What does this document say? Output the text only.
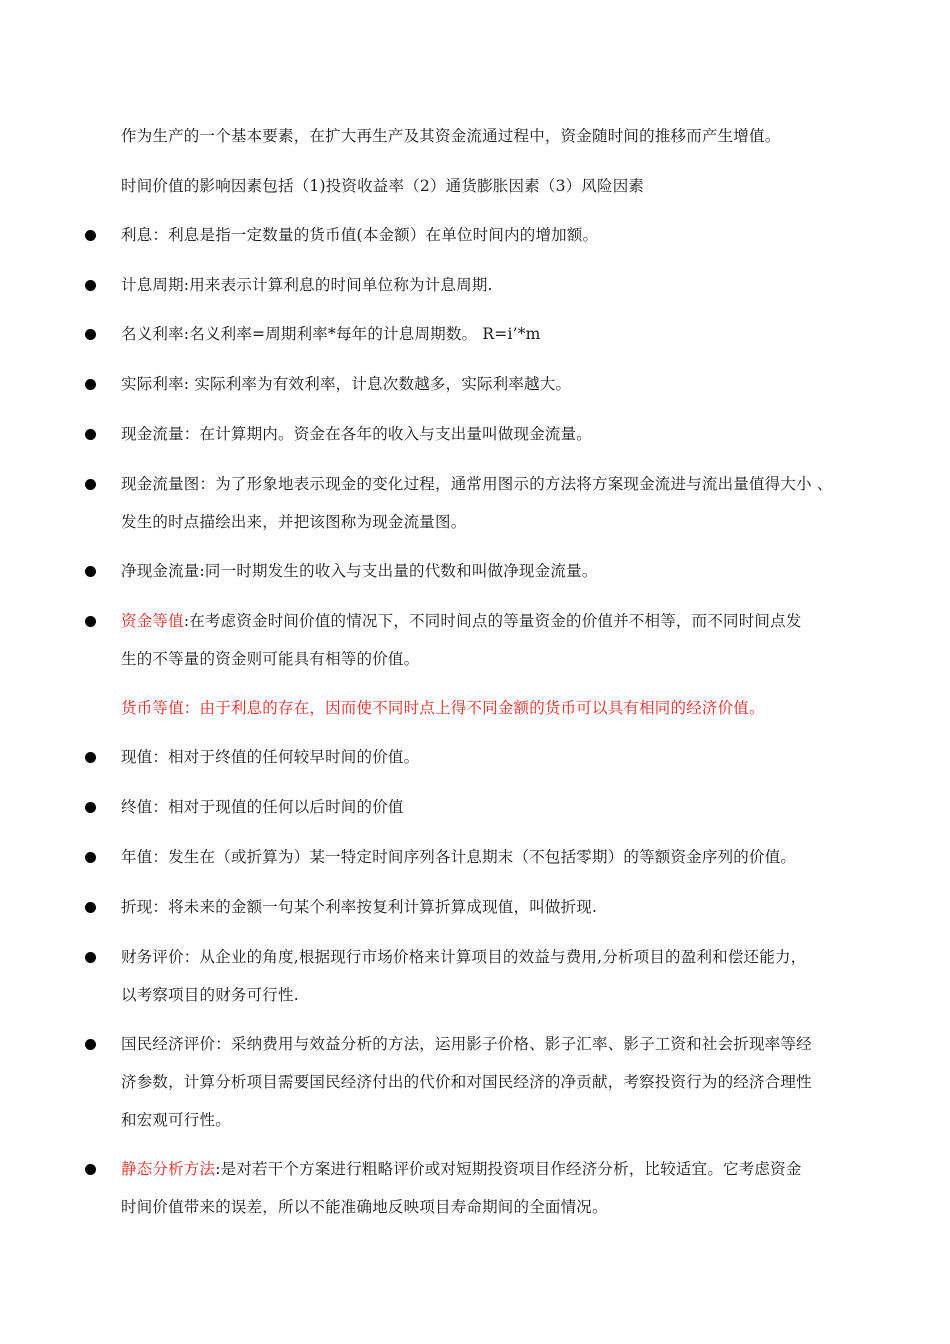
作为生产的一个基本要素，在扩大再生产及其资金流通过程中，资金随时间的推移而产生增值。
时间价值的影响因素包括（1)投资收益率（2）通货膨胀因素（3）风险因素
利息：利息是指一定数量的货币值(本金额）在单位时间内的增加额。
计息周期:用来表示计算利息的时间单位称为计息周期.
名义利率:名义利率=周期利率*每年的计息周期数。 R=i’*m
实际利率: 实际利率为有效利率，计息次数越多，实际利率越大。
现金流量：在计算期内。资金在各年的收入与支出量叫做现金流量。
现金流量图：为了形象地表示现金的变化过程，通常用图示的方法将方案现金流进与流出量值得大小 、
发生的时点描绘出来，并把该图称为现金流量图。
净现金流量:同一时期发生的收入与支出量的代数和叫做净现金流量。
资金等值:在考虑资金时间价值的情况下，不同时间点的等量资金的价值并不相等，而不同时间点发
生的不等量的资金则可能具有相等的价值。
货币等值：由于利息的存在，因而使不同时点上得不同金额的货币可以具有相同的经济价值。
现值：相对于终值的任何较早时间的价值。
终值：相对于现值的任何以后时间的价值
年值：发生在（或折算为）某一特定时间序列各计息期末（不包括零期）的等额资金序列的价值。
折现：将未来的金额一句某个利率按复利计算折算成现值，叫做折现.
财务评价：从企业的角度,根据现行市场价格来计算项目的效益与费用,分析项目的盈利和偿还能力，
以考察项目的财务可行性.
国民经济评价：采纳费用与效益分析的方法，运用影子价格、影子汇率、影子工资和社会折现率等经
济参数，计算分析项目需要国民经济付出的代价和对国民经济的净贡献，考察投资行为的经济合理性
和宏观可行性。
静态分析方法:是对若干个方案进行粗略评价或对短期投资项目作经济分析，比较适宜。它考虑资金
时间价值带来的误差，所以不能准确地反映项目寿命期间的全面情况。
